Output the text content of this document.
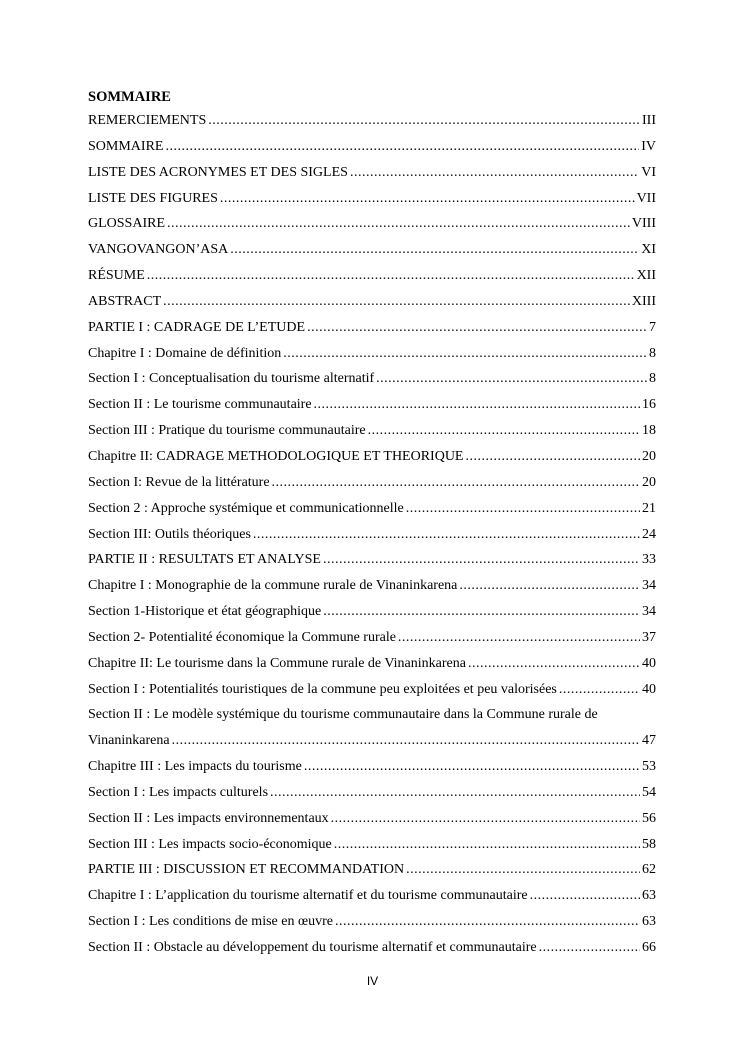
SOMMAIRE
REMERCIEMENTS .....	III
SOMMAIRE .....	IV
LISTE DES ACRONYMES ET DES SIGLES .....	VI
LISTE DES FIGURES .....	VII
GLOSSAIRE .....	VIII
VANGOVANGON’ASA .....	XI
RÉSUME .....	XII
ABSTRACT .....	XIII
PARTIE I : CADRAGE DE L’ETUDE .....	7
Chapitre I : Domaine de définition .....	8
Section I : Conceptualisation du tourisme alternatif .....	8
Section II : Le tourisme communautaire .....	16
Section III : Pratique du tourisme communautaire .....	18
Chapitre II: CADRAGE METHODOLOGIQUE ET THEORIQUE .....	20
Section I: Revue de la littérature .....	20
Section 2 : Approche systémique et communicationnelle .....	21
Section III: Outils théoriques .....	24
PARTIE II : RESULTATS ET ANALYSE .....	33
Chapitre I : Monographie de la commune rurale de Vinaninkarena .....	34
Section 1-Historique et état géographique .....	34
Section 2- Potentialité économique la Commune rurale .....	37
Chapitre II: Le tourisme dans la Commune rurale de Vinaninkarena .....	40
Section I : Potentialités touristiques de la commune peu exploitées et peu valorisées .....	40
Section II : Le modèle systémique du tourisme communautaire dans la Commune rurale de
Vinaninkarena .....	47
Chapitre III : Les impacts du tourisme .....	53
Section I : Les impacts culturels .....	54
Section II : Les impacts environnementaux .....	56
Section III : Les impacts socio-économique .....	58
PARTIE III : DISCUSSION ET RECOMMANDATION .....	62
Chapitre I : L’application du tourisme alternatif et du tourisme communautaire .....	63
Section I : Les conditions de mise en œuvre .....	63
Section II : Obstacle au développement du tourisme alternatif et communautaire .....	66
IV
